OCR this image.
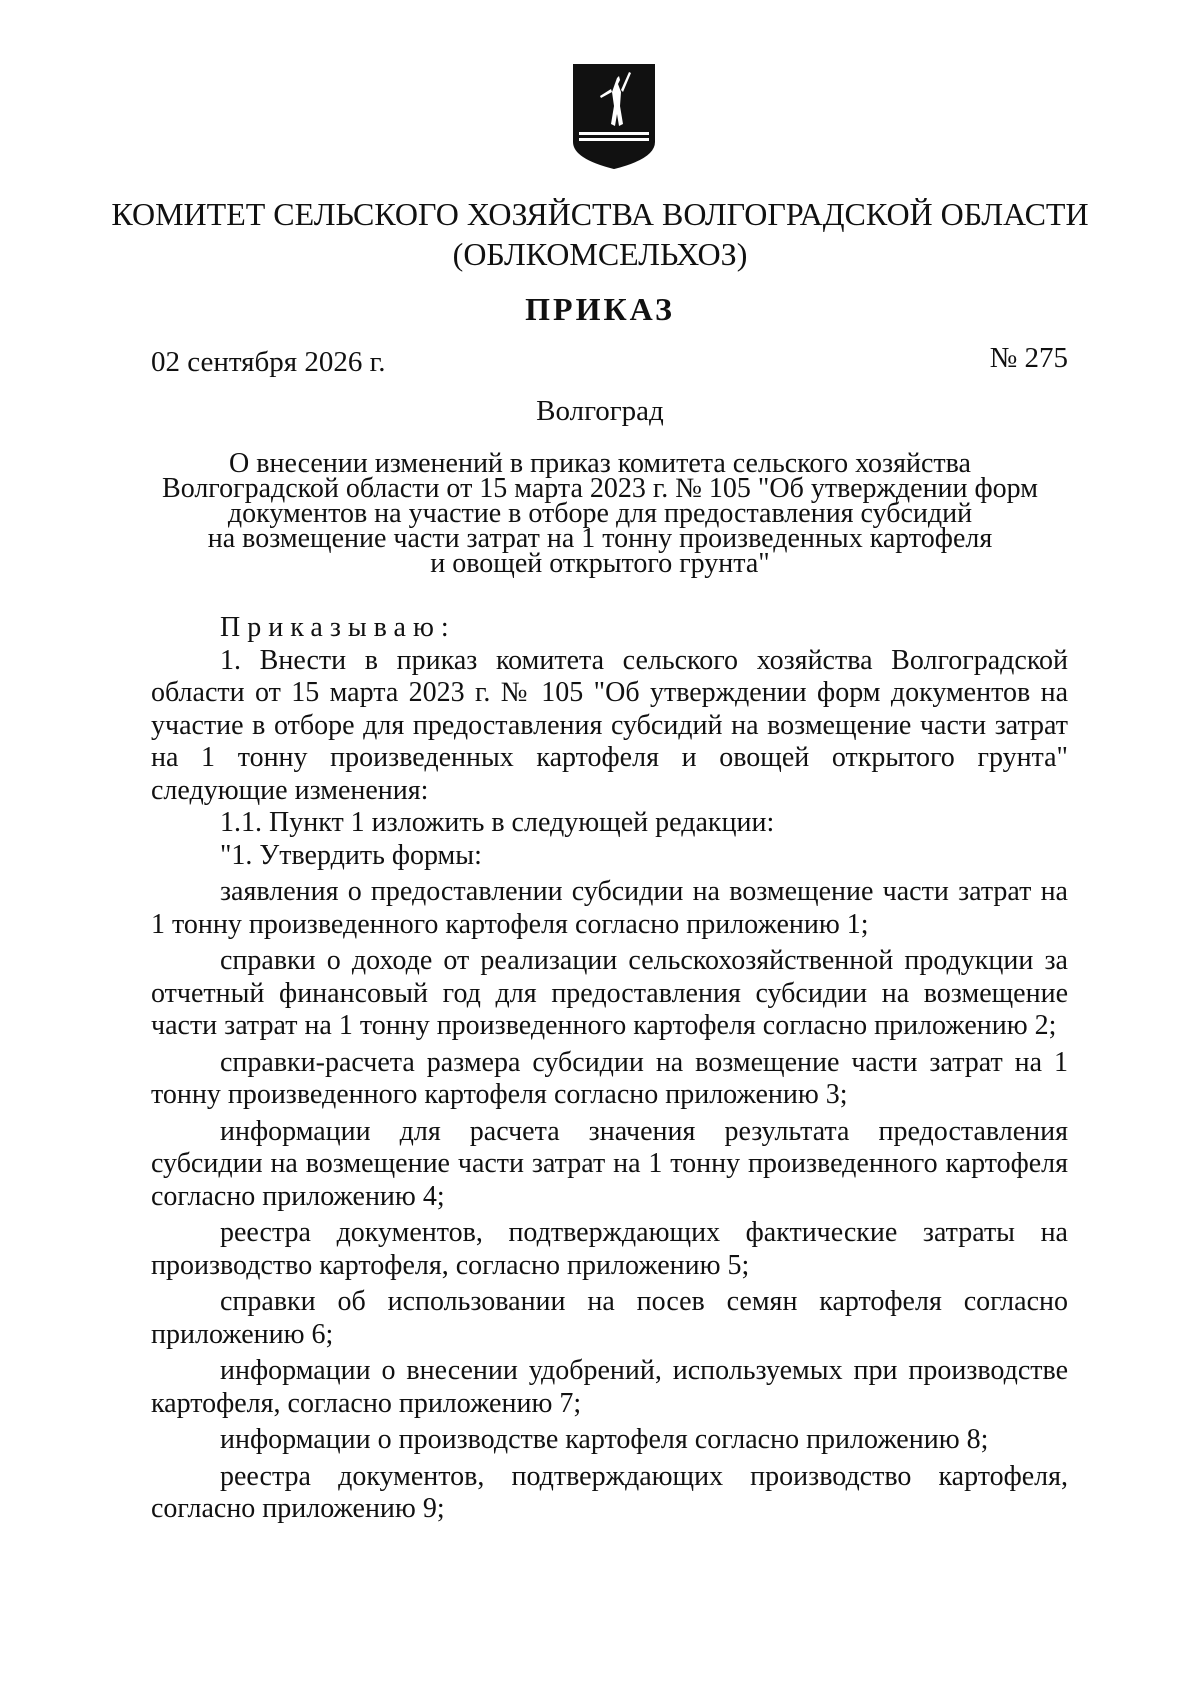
КОМИТЕТ СЕЛЬСКОГО ХОЗЯЙСТВА ВОЛГОГРАДСКОЙ ОБЛАСТИ
(ОБЛКОМСЕЛЬХОЗ)
ПРИКАЗ
02 сентября 2026 г.	№ 275
Волгоград
О внесении изменений в приказ комитета сельского хозяйства
Волгоградской области от 15 марта 2023 г. № 105 "Об утверждении форм
документов на участие в отборе для предоставления субсидий
на возмещение части затрат на 1 тонну произведенных картофеля
и овощей открытого грунта"

Приказываю:

1. Внести в приказ комитета сельского хозяйства Волгоградской области от 15 марта 2023 г. № 105 "Об утверждении форм документов на участие в отборе для предоставления субсидий на возмещение части затрат на 1 тонну произведенных картофеля и овощей открытого грунта" следующие изменения:

1.1. Пункт 1 изложить в следующей редакции:

"1. Утвердить формы:

заявления о предоставлении субсидии на возмещение части затрат на 1 тонну произведенного картофеля согласно приложению 1;

справки о доходе от реализации сельскохозяйственной продукции за отчетный финансовый год для предоставления субсидии на возмещение части затрат на 1 тонну произведенного картофеля согласно приложению 2;

справки-расчета размера субсидии на возмещение части затрат на 1 тонну произведенного картофеля согласно приложению 3;

информации для расчета значения результата предоставления субсидии на возмещение части затрат на 1 тонну произведенного картофеля согласно приложению 4;

реестра документов, подтверждающих фактические затраты на производство картофеля, согласно приложению 5;

справки об использовании на посев семян картофеля согласно приложению 6;

информации о внесении удобрений, используемых при производстве картофеля, согласно приложению 7;

информации о производстве картофеля согласно приложению 8;

реестра документов, подтверждающих производство картофеля, согласно приложению 9;
